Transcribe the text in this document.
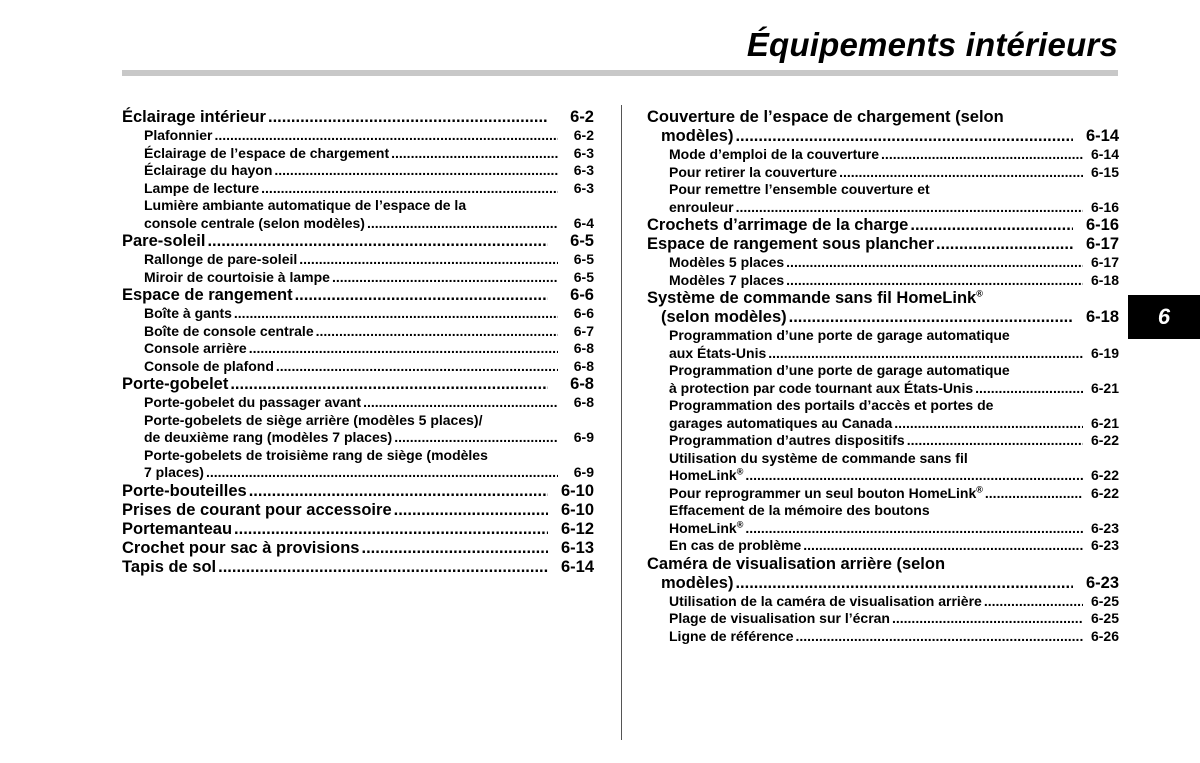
Équipements intérieurs
6
Éclairage intérieur .....	6-2
Plafonnier .....	6-2
Éclairage de l’espace de chargement .....	6-3
Éclairage du hayon .....	6-3
Lampe de lecture .....	6-3
Lumière ambiante automatique de l’espace de la
console centrale (selon modèles) .....	6-4
Pare-soleil .....	6-5
Rallonge de pare-soleil .....	6-5
Miroir de courtoisie à lampe .....	6-5
Espace de rangement .....	6-6
Boîte à gants .....	6-6
Boîte de console centrale .....	6-7
Console arrière .....	6-8
Console de plafond .....	6-8
Porte-gobelet .....	6-8
Porte-gobelet du passager avant .....	6-8
Porte-gobelets de siège arrière (modèles 5 places)/
de deuxième rang (modèles 7 places) .....	6-9
Porte-gobelets de troisième rang de siège (modèles
7 places) .....	6-9
Porte-bouteilles .....	6-10
Prises de courant pour accessoire .....	6-10
Portemanteau .....	6-12
Crochet pour sac à provisions .....	6-13
Tapis de sol .....	6-14
Couverture de l’espace de chargement (selon
modèles) .....	6-14
Mode d’emploi de la couverture .....	6-14
Pour retirer la couverture .....	6-15
Pour remettre l’ensemble couverture et
enrouleur .....	6-16
Crochets d’arrimage de la charge .....	6-16
Espace de rangement sous plancher .....	6-17
Modèles 5 places .....	6-17
Modèles 7 places .....	6-18
Système de commande sans fil HomeLink®
(selon modèles) .....	6-18
Programmation d’une porte de garage automatique
aux États-Unis .....	6-19
Programmation d’une porte de garage automatique
à protection par code tournant aux États-Unis .....	6-21
Programmation des portails d’accès et portes de
garages automatiques au Canada .....	6-21
Programmation d’autres dispositifs .....	6-22
Utilisation du système de commande sans fil
HomeLink® .....	6-22
Pour reprogrammer un seul bouton HomeLink® .....	6-22
Effacement de la mémoire des boutons
HomeLink® .....	6-23
En cas de problème .....	6-23
Caméra de visualisation arrière (selon
modèles) .....	6-23
Utilisation de la caméra de visualisation arrière .....	6-25
Plage de visualisation sur l’écran .....	6-25
Ligne de référence .....	6-26
